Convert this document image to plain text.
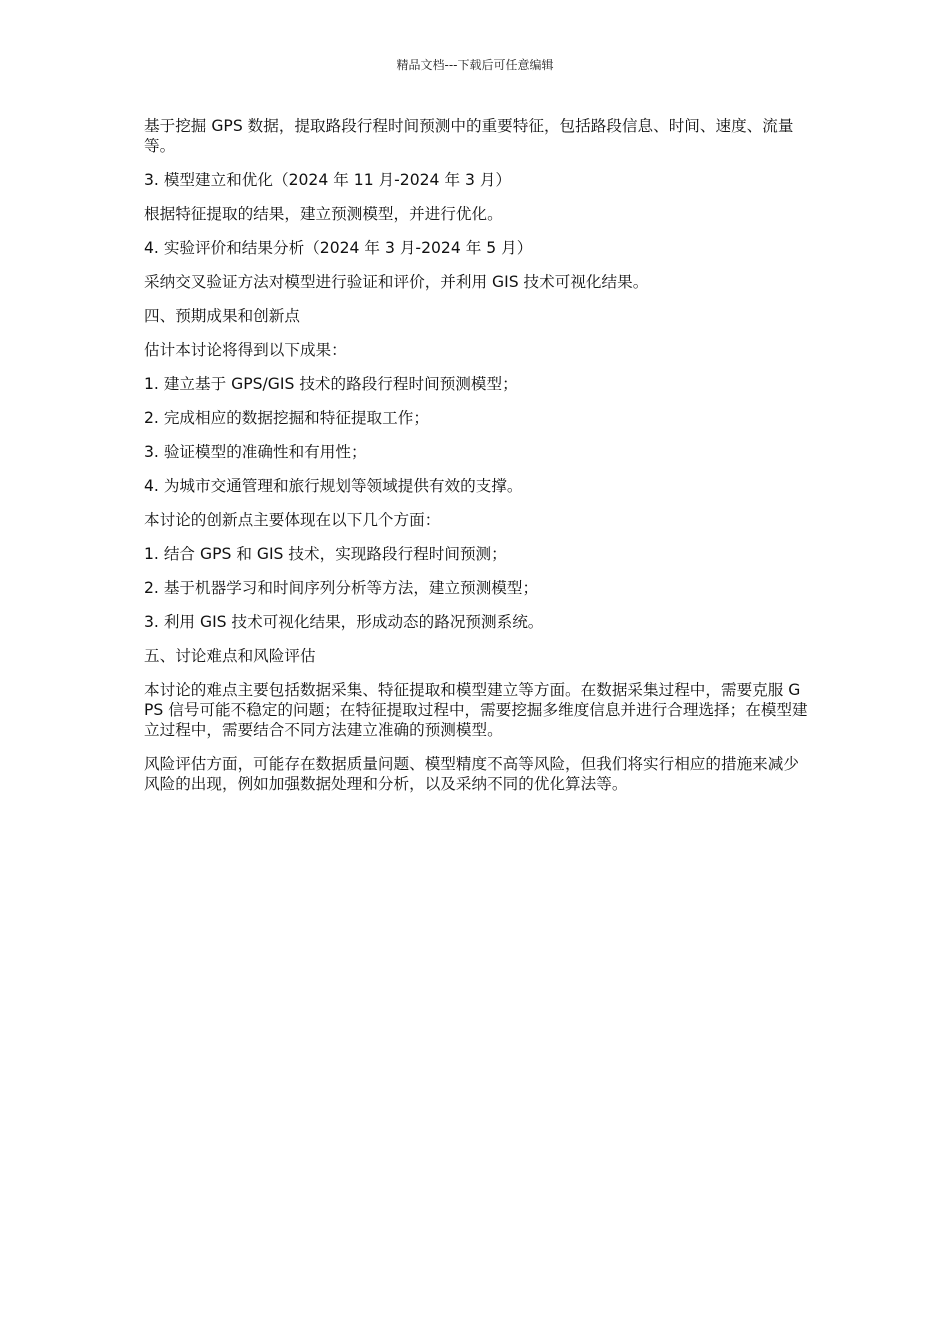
精品文档---下载后可任意编辑

基于挖掘 GPS 数据，提取路段行程时间预测中的重要特征，包括路段信息、时间、速度、流量等。

3. 模型建立和优化（2024 年 11 月-2024 年 3 月）

根据特征提取的结果，建立预测模型，并进行优化。

4. 实验评价和结果分析（2024 年 3 月-2024 年 5 月）

采纳交叉验证方法对模型进行验证和评价，并利用 GIS 技术可视化结果。

四、预期成果和创新点

估计本讨论将得到以下成果：

1. 建立基于 GPS/GIS 技术的路段行程时间预测模型；

2. 完成相应的数据挖掘和特征提取工作；

3. 验证模型的准确性和有用性；

4. 为城市交通管理和旅行规划等领域提供有效的支撑。

本讨论的创新点主要体现在以下几个方面：

1. 结合 GPS 和 GIS 技术，实现路段行程时间预测；

2. 基于机器学习和时间序列分析等方法，建立预测模型；

3. 利用 GIS 技术可视化结果，形成动态的路况预测系统。

五、讨论难点和风险评估

本讨论的难点主要包括数据采集、特征提取和模型建立等方面。在数据采集过程中，需要克服 GPS 信号可能不稳定的问题；在特征提取过程中，需要挖掘多维度信息并进行合理选择；在模型建立过程中，需要结合不同方法建立准确的预测模型。

风险评估方面，可能存在数据质量问题、模型精度不高等风险，但我们将实行相应的措施来减少风险的出现，例如加强数据处理和分析，以及采纳不同的优化算法等。
